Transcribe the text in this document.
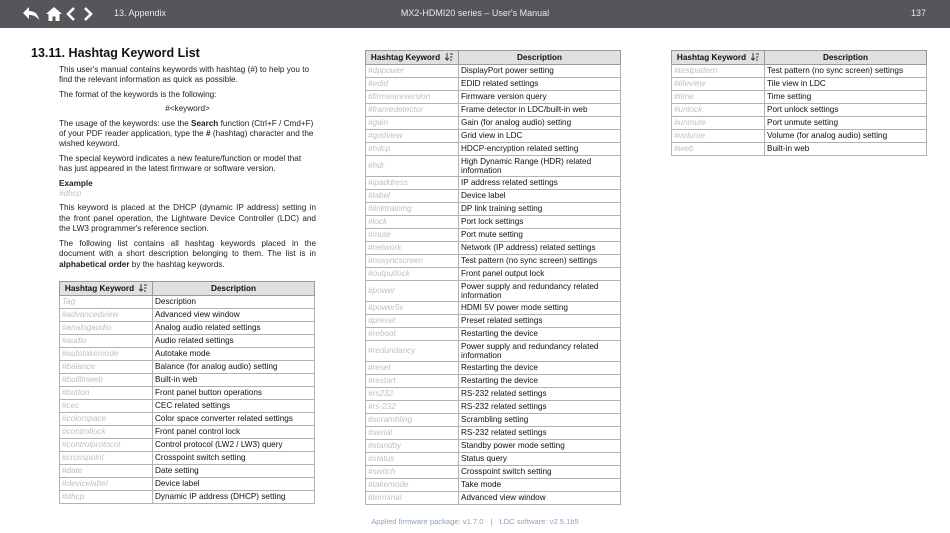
13. Appendix	MX2-HDMI20 series – User's Manual	137
13.11. Hashtag Keyword List

This user's manual contains keywords with hashtag (#) to help you to find the relevant information as quick as possible.

The format of the keywords is the following:

#<keyword>

The usage of the keywords: use the Search function (Ctrl+F / Cmd+F) of your PDF reader application, type the # (hashtag) character and the wished keyword.

The special keyword indicates a new feature/function or model that has just appeared in the latest firmware or software version.

Example

#dhcp

This keyword is placed at the DHCP (dynamic IP address) setting in the front panel operation, the Lightware Device Controller (LDC) and the LW3 programmer's reference section.

The following list contains all hashtag keywords placed in the document with a short description belonging to them. The list is in alphabetical order by the hashtag keywords.

Hashtag Keyword	Description
Tag	Description
#advancedview	Advanced view window
#analogaudio	Analog audio related settings
#audio	Audio related settings
#autotakemode	Autotake mode
#balance	Balance (for analog audio) setting
#builtinweb	Built-in web
#button	Front panel button operations
#cec	CEC related settings
#colorspace	Color space converter related settings
#controllock	Front panel control lock
#controlprotocol	Control protocol (LW2 / LW3) query
#crosspoint	Crosspoint switch setting
#date	Date setting
#devicelabel	Device label
#dhcp	Dynamic IP address (DHCP) setting
Hashtag Keyword	Description
#dppower	DisplayPort power setting
#edid	EDID related settings
#firmwareversion	Firmware version query
#framedetector	Frame detector in LDC/built-in web
#gain	Gain (for analog audio) setting
#gridview	Grid view in LDC
#hdcp	HDCP-encryption related setting
#hdr	High Dynamic Range (HDR) related information
#ipaddress	IP address related settings
#label	Device label
#linktraining	DP link training setting
#lock	Port lock settings
#mute	Port mute setting
#network	Network (IP address) related settings
#nosyncscreen	Test pattern (no sync screen) settings
#outputlock	Front panel output lock
#power	Power supply and redundancy related information
#power5v	HDMI 5V power mode setting
#preset	Preset related settings
#reboot	Restarting the device
#redundancy	Power supply and redundancy related information
#reset	Restarting the device
#restart	Restarting the device
#rs232	RS-232 related settings
#rs-232	RS-232 related settings
#scrambling	Scrambling setting
#serial	RS-232 related settings
#standby	Standby power mode setting
#status	Status query
#switch	Crosspoint switch setting
#takemode	Take mode
#terminal	Advanced view window
Hashtag Keyword	Description
#testpattern	Test pattern (no sync screen) settings
#tileview	Tile view in LDC
#time	Time setting
#unlock	Port unlock settings
#unmute	Port unmute setting
#volume	Volume (for analog audio) setting
#web	Built-in web
Applied firmware package: v1.7.0 | LDC software: v2.5.1b5
